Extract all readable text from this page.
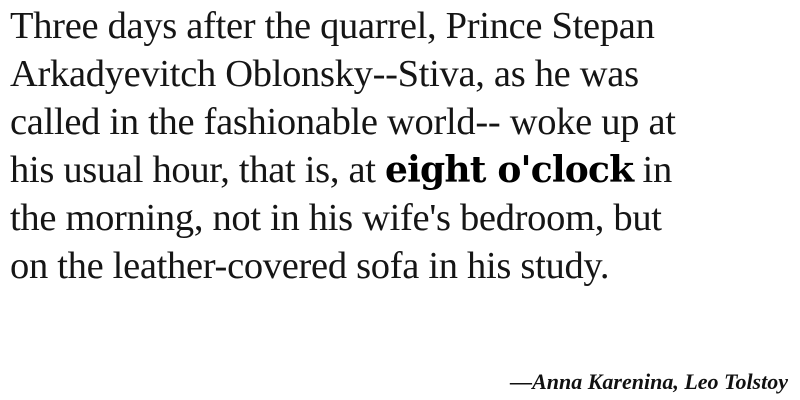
Three days after the quarrel, Prince Stepan
Arkadyevitch Oblonsky--Stiva, as he was
called in the fashionable world-- woke up at
his usual hour, that is, at eight o'clock in
the morning, not in his wife's bedroom, but
on the leather-covered sofa in his study.

—Anna Karenina, Leo Tolstoy
